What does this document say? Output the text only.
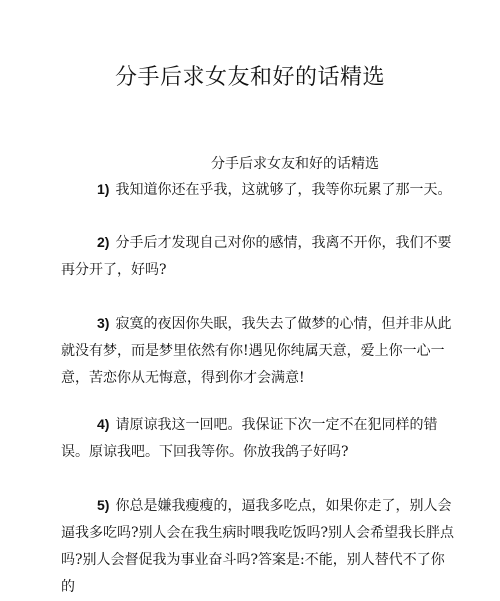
分手后求女友和好的话精选
分手后求女友和好的话精选

1) 我知道你还在乎我，这就够了，我等你玩累了那一天。

2) 分手后才发现自己对你的感情，我离不开你，我们不要再分开了，好吗?

3) 寂寞的夜因你失眠，我失去了做梦的心情，但并非从此就没有梦，而是梦里依然有你!遇见你纯属天意，爱上你一心一意，苦恋你从无悔意，得到你才会满意!

4) 请原谅我这一回吧。我保证下次一定不在犯同样的错误。原谅我吧。下回我等你。你放我鸽子好吗?

5) 你总是嫌我瘦瘦的，逼我多吃点，如果你走了，别人会逼我多吃吗?别人会在我生病时喂我吃饭吗?别人会希望我长胖点吗?别人会督促我为事业奋斗吗?答案是:不能，别人替代不了你的
